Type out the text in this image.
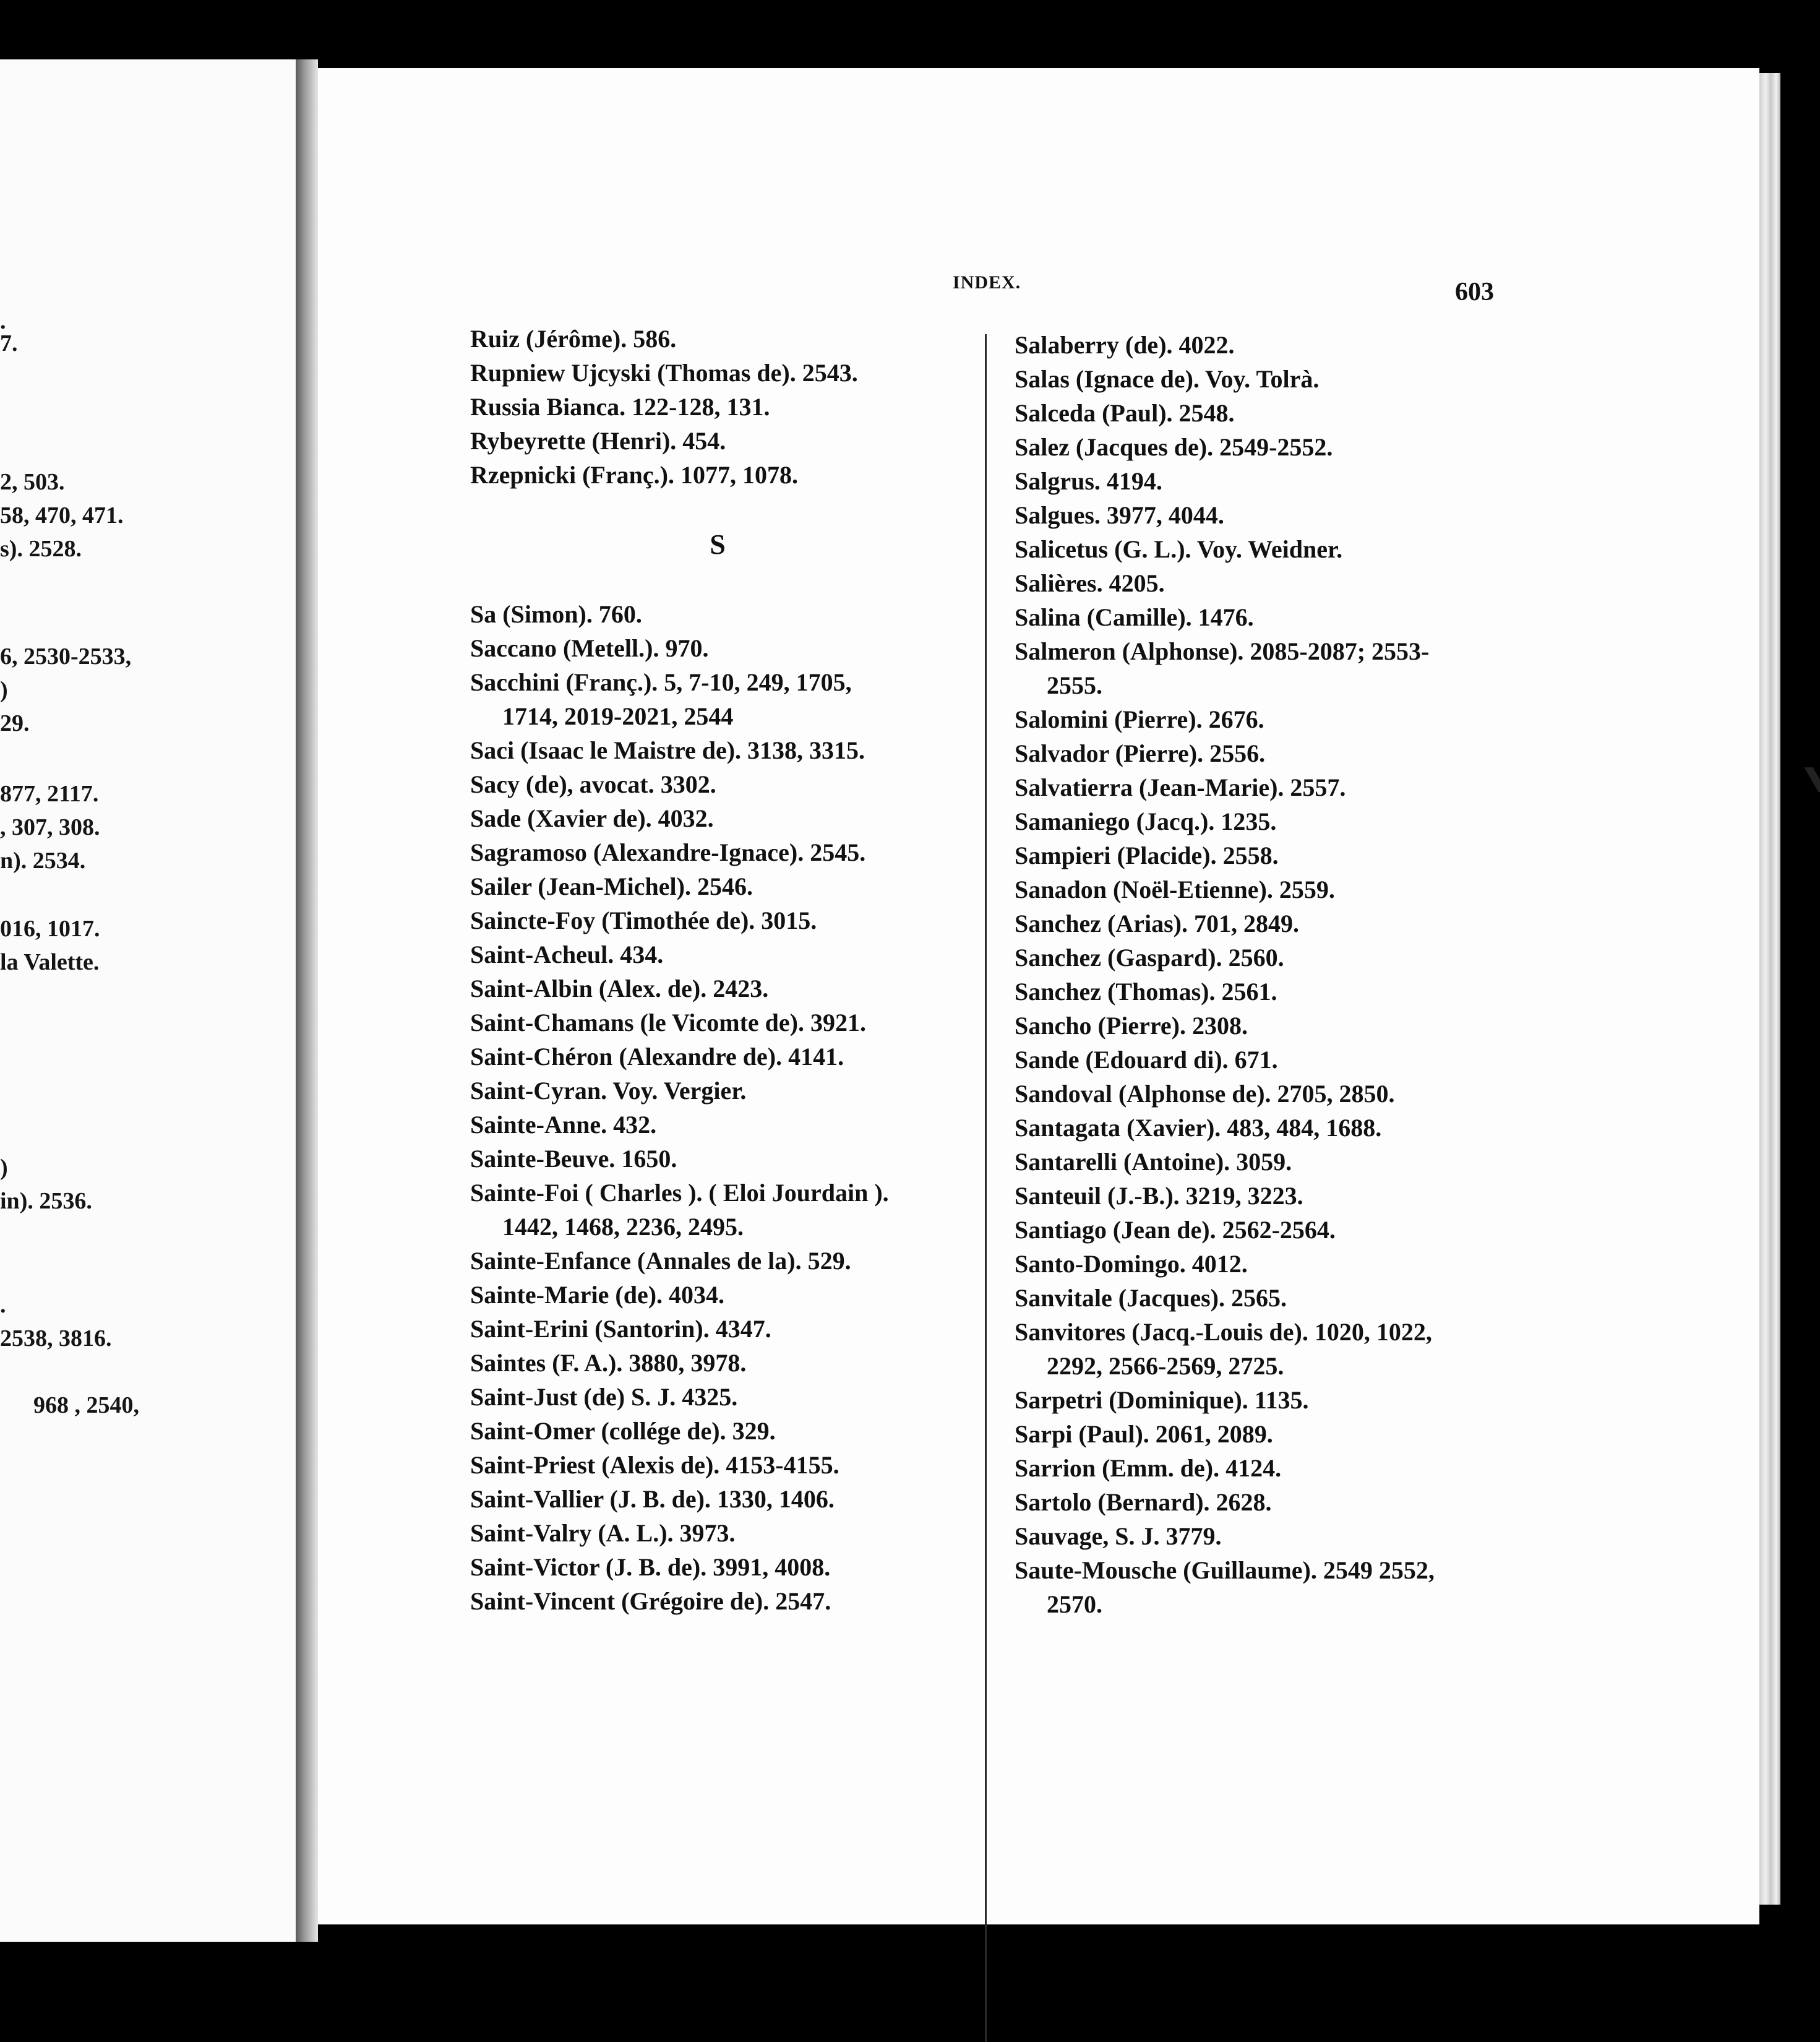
.
7.
2, 503.
58, 470, 471.
s). 2528.
6, 2530-2533,
)
29.
877, 2117.
, 307, 308.
n). 2534.
016, 1017.
la Valette.
)
in). 2536.
.
2538, 3816.
968 , 2540,
INDEX.	603
Ruiz (Jérôme). 586.
Rupniew Ujcyski (Thomas de). 2543.
Russia Bianca. 122-128, 131.
Rybeyrette (Henri). 454.
Rzepnicki (Franç.). 1077, 1078.
S
Sa (Simon). 760.
Saccano (Metell.). 970.
Sacchini (Franç.). 5, 7-10, 249, 1705,
1714, 2019-2021, 2544
Saci (Isaac le Maistre de). 3138, 3315.
Sacy (de), avocat. 3302.
Sade (Xavier de). 4032.
Sagramoso (Alexandre-Ignace). 2545.
Sailer (Jean-Michel). 2546.
Saincte-Foy (Timothée de). 3015.
Saint-Acheul. 434.
Saint-Albin (Alex. de). 2423.
Saint-Chamans (le Vicomte de). 3921.
Saint-Chéron (Alexandre de). 4141.
Saint-Cyran. Voy. Vergier.
Sainte-Anne. 432.
Sainte-Beuve. 1650.
Sainte-Foi ( Charles ). ( Eloi Jourdain ).
1442, 1468, 2236, 2495.
Sainte-Enfance (Annales de la). 529.
Sainte-Marie (de). 4034.
Saint-Erini (Santorin). 4347.
Saintes (F. A.). 3880, 3978.
Saint-Just (de) S. J. 4325.
Saint-Omer (collége de). 329.
Saint-Priest (Alexis de). 4153-4155.
Saint-Vallier (J. B. de). 1330, 1406.
Saint-Valry (A. L.). 3973.
Saint-Victor (J. B. de). 3991, 4008.
Saint-Vincent (Grégoire de). 2547.
Salaberry (de). 4022.
Salas (Ignace de). Voy. Tolrà.
Salceda (Paul). 2548.
Salez (Jacques de). 2549-2552.
Salgrus. 4194.
Salgues. 3977, 4044.
Salicetus (G. L.). Voy. Weidner.
Salières. 4205.
Salina (Camille). 1476.
Salmeron (Alphonse). 2085-2087; 2553-
2555.
Salomini (Pierre). 2676.
Salvador (Pierre). 2556.
Salvatierra (Jean-Marie). 2557.
Samaniego (Jacq.). 1235.
Sampieri (Placide). 2558.
Sanadon (Noël-Etienne). 2559.
Sanchez (Arias). 701, 2849.
Sanchez (Gaspard). 2560.
Sanchez (Thomas). 2561.
Sancho (Pierre). 2308.
Sande (Edouard di). 671.
Sandoval (Alphonse de). 2705, 2850.
Santagata (Xavier). 483, 484, 1688.
Santarelli (Antoine). 3059.
Santeuil (J.-B.). 3219, 3223.
Santiago (Jean de). 2562-2564.
Santo-Domingo. 4012.
Sanvitale (Jacques). 2565.
Sanvitores (Jacq.-Louis de). 1020, 1022,
2292, 2566-2569, 2725.
Sarpetri (Dominique). 1135.
Sarpi (Paul). 2061, 2089.
Sarrion (Emm. de). 4124.
Sartolo (Bernard). 2628.
Sauvage, S. J. 3779.
Saute-Mousche (Guillaume). 2549 2552,
2570.
